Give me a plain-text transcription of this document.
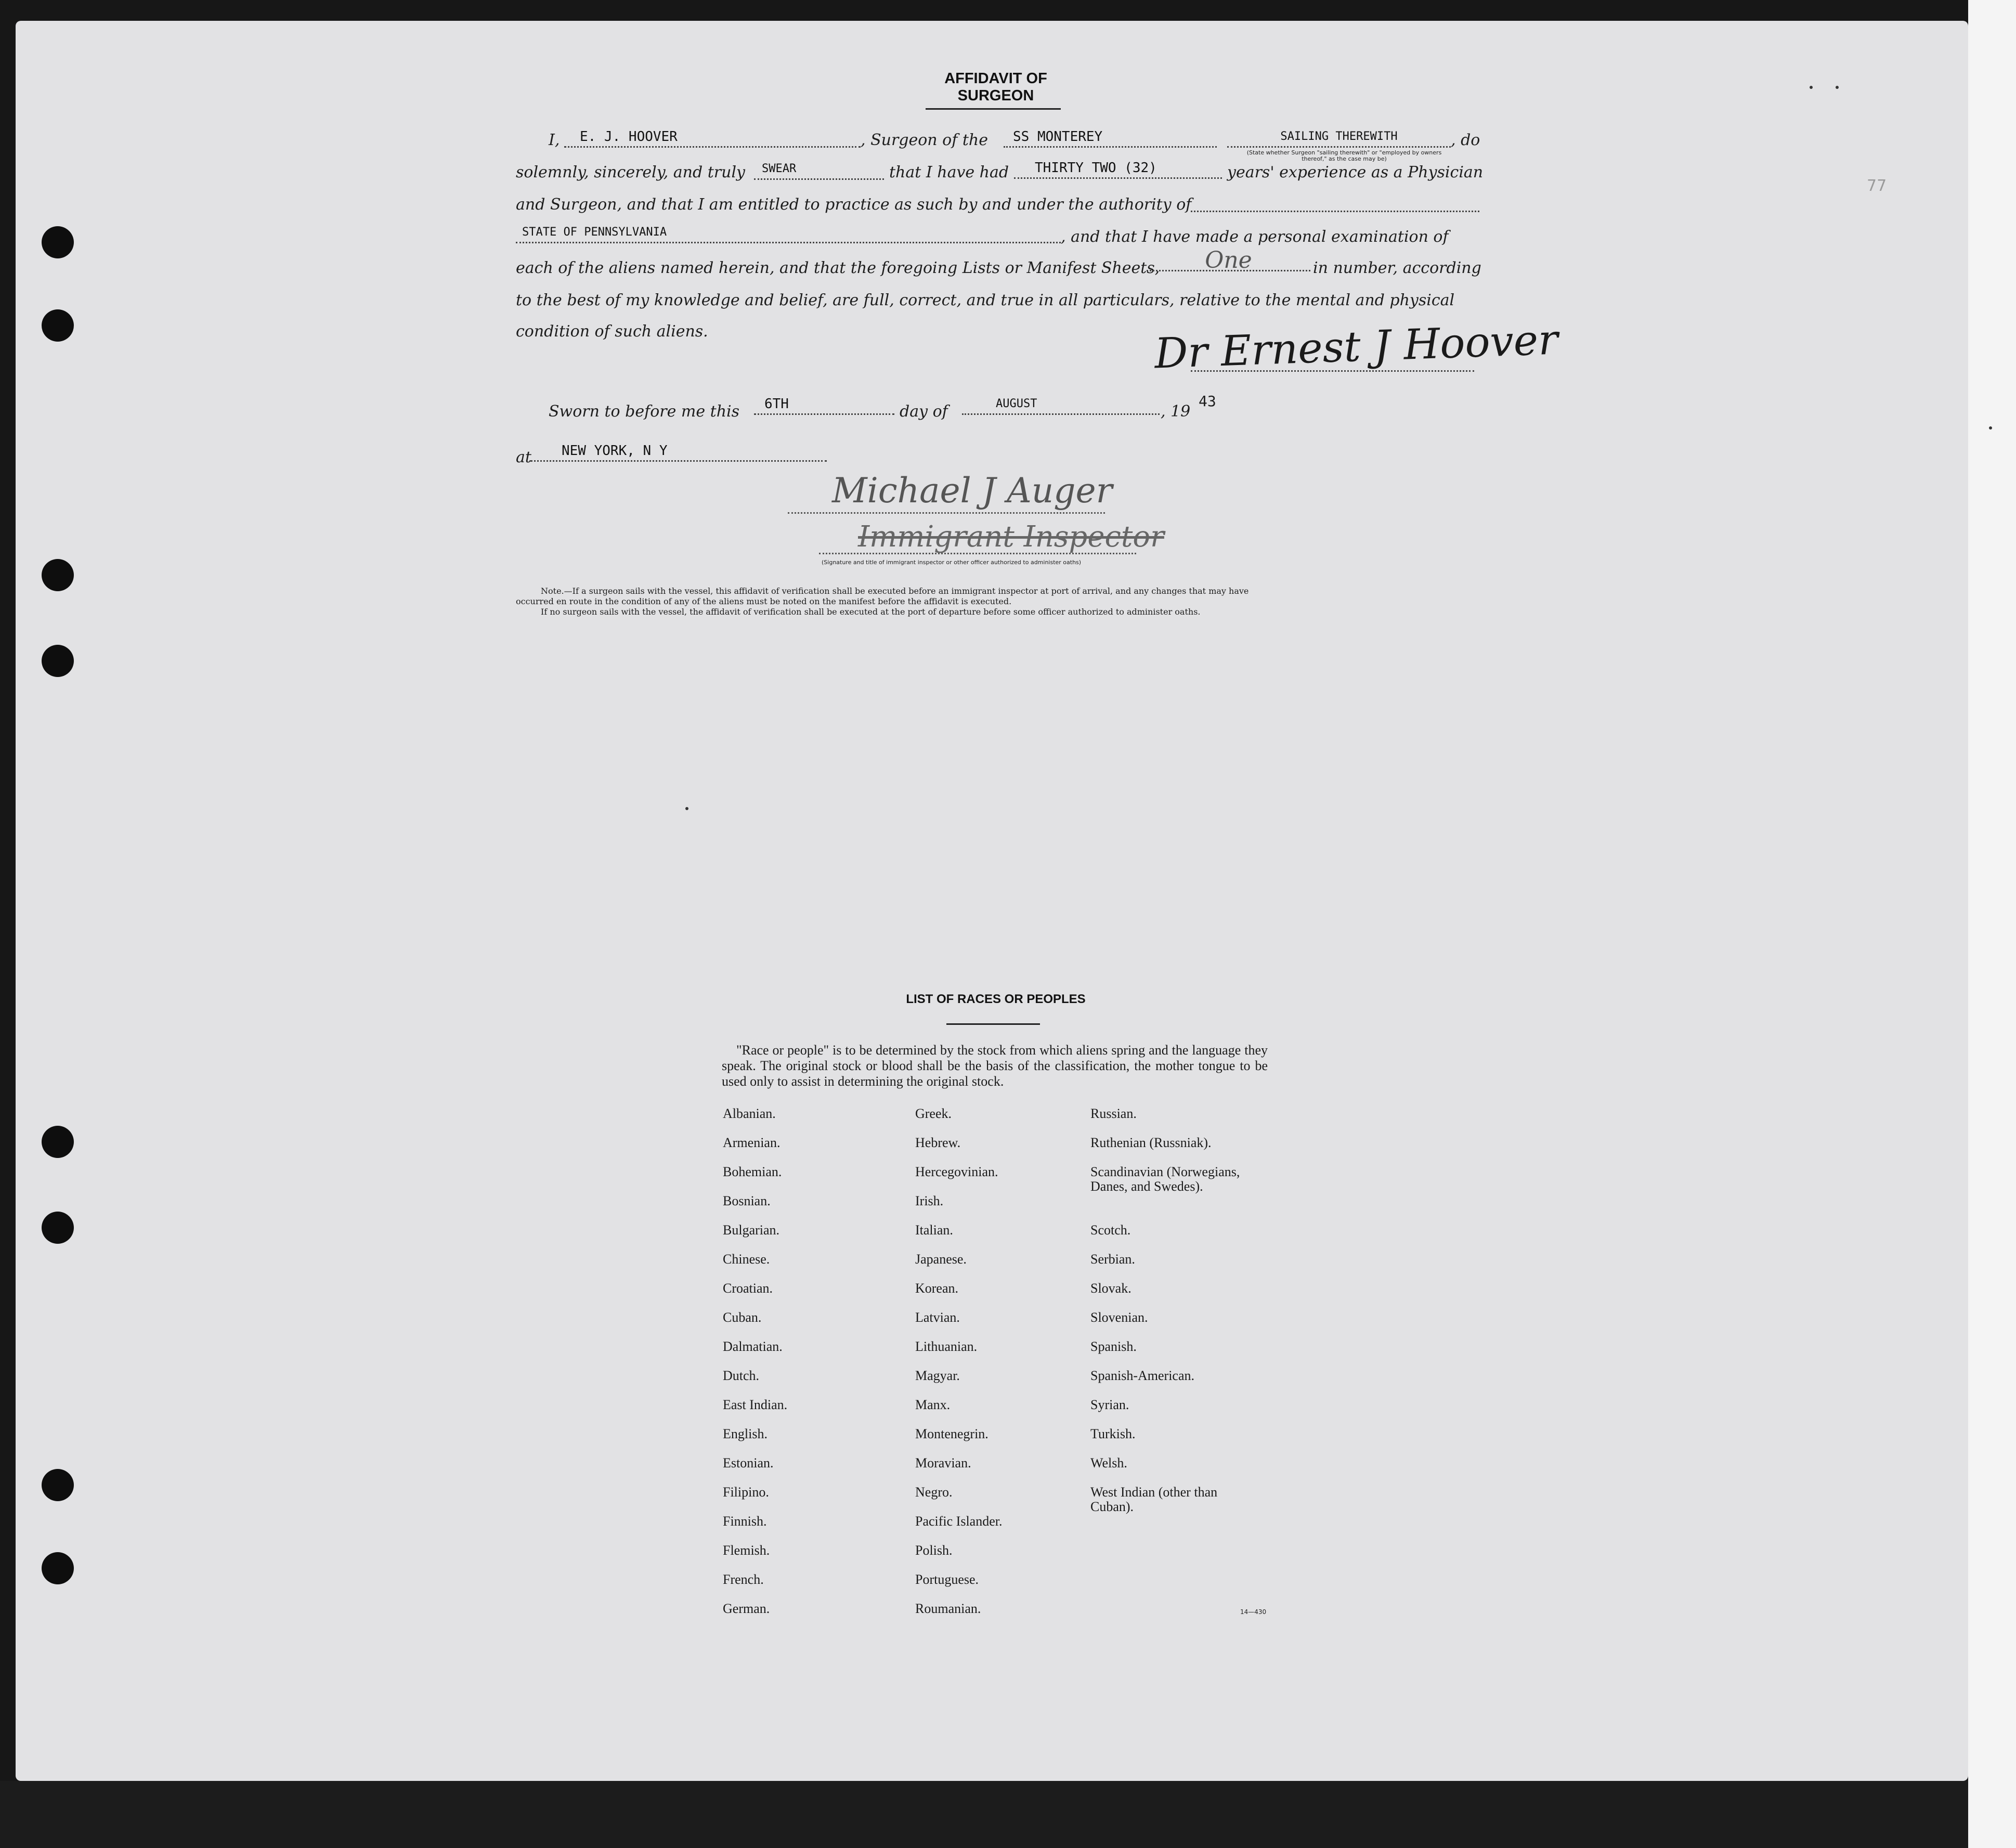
77
AFFIDAVIT OF SURGEON
I,	E. J. HOOVER	, Surgeon of the	SS MONTEREY	SAILING THEREWITH
(State whether Surgeon "sailing therewith" or "employed by owners thereof," as the case may be)
, do
solemnly, sincerely, and truly	SWEAR	that I have had	THIRTY TWO (32)	years' experience as a Physician
and Surgeon, and that I am entitled to practice as such by and under the authority of
STATE OF PENNSYLVANIA	, and that I have made a personal examination of
each of the aliens named herein, and that the foregoing Lists or Manifest Sheets,	One	in number, according
to the best of my knowledge and belief, are full, correct, and true in all particulars, relative to the mental and physical
condition of such aliens.	Dr Ernest J Hoover
Sworn to before me this	6TH	day of	AUGUST	, 19
43
at	NEW YORK, N Y
Michael J Auger
Immigrant Inspector
(Signature and title of immigrant inspector or other officer authorized to administer oaths)
Note.—If a surgeon sails with the vessel, this affidavit of verification shall be executed before an immigrant inspector at port of arrival, and any changes that may have
occurred en route in the condition of any of the aliens must be noted on the manifest before the affidavit is executed.
If no surgeon sails with the vessel, the affidavit of verification shall be executed at the port of departure before some officer authorized to administer oaths.
LIST OF RACES OR PEOPLES
"Race or people" is to be determined by the stock from which aliens spring and the language they speak. The original stock or blood shall be the basis of the classification, the mother tongue to be used only to assist in determining the original stock.
Albanian.
Armenian.
Bohemian.
Bosnian.
Bulgarian.
Chinese.
Croatian.
Cuban.
Dalmatian.
Dutch.
East Indian.
English.
Estonian.
Filipino.
Finnish.
Flemish.
French.
German.
Greek.
Hebrew.
Hercegovinian.
Irish.
Italian.
Japanese.
Korean.
Latvian.
Lithuanian.
Magyar.
Manx.
Montenegrin.
Moravian.
Negro.
Pacific Islander.
Polish.
Portuguese.
Roumanian.
Russian.
Ruthenian (Russniak).
Scandinavian (Norwegians, Danes, and Swedes).
Scotch.
Serbian.
Slovak.
Slovenian.
Spanish.
Spanish-American.
Syrian.
Turkish.
Welsh.
West Indian (other than Cuban).
14—430
